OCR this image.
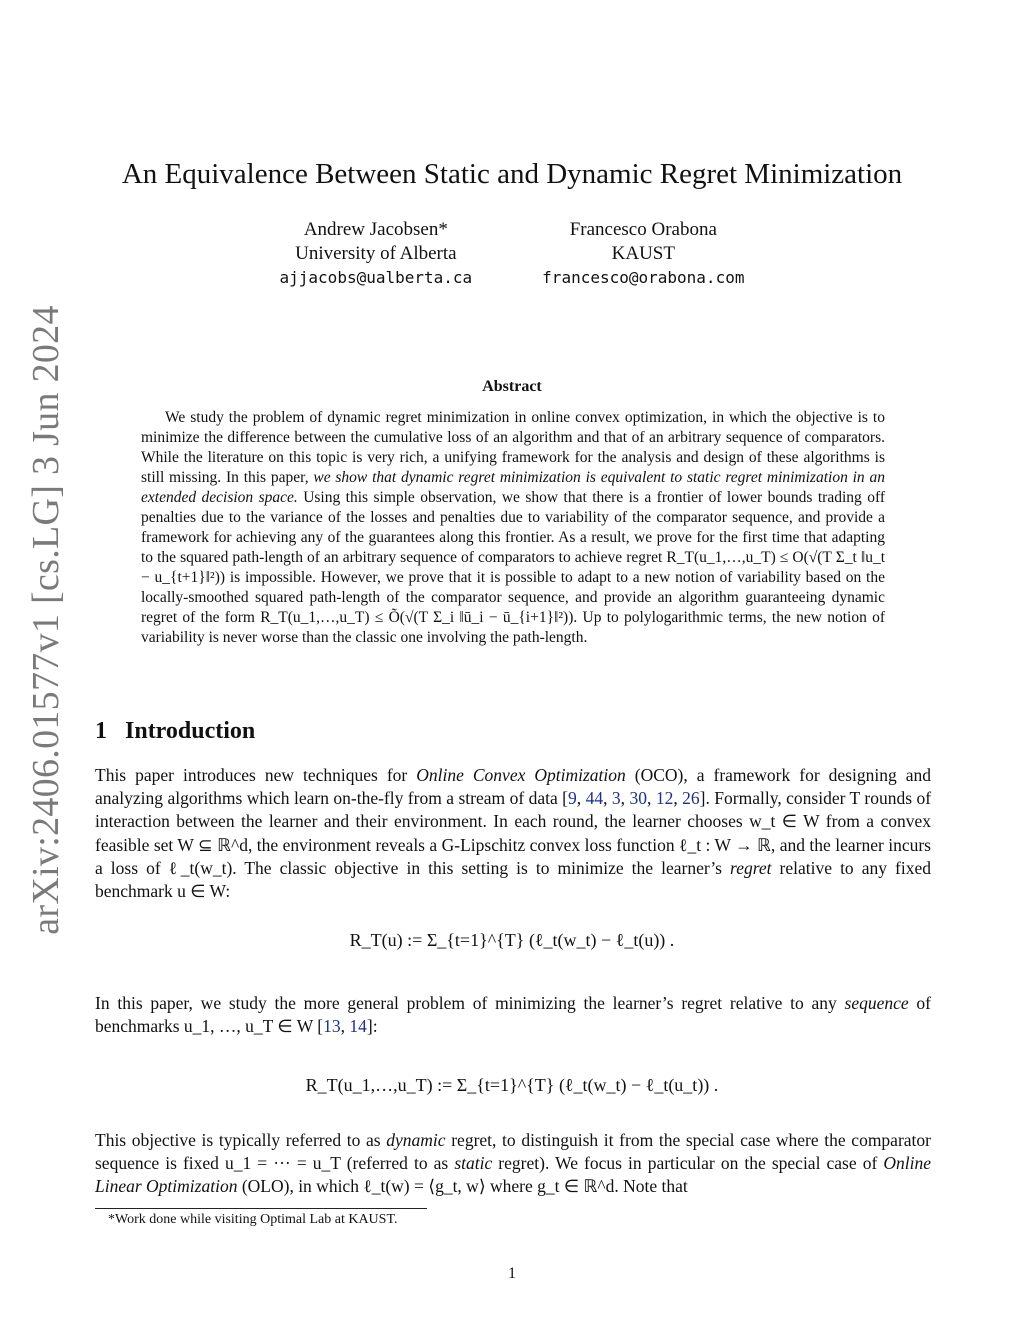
arXiv:2406.01577v1 [cs.LG] 3 Jun 2024
An Equivalence Between Static and Dynamic Regret Minimization
Andrew Jacobsen*
University of Alberta
ajjacobs@ualberta.ca
Francesco Orabona
KAUST
francesco@orabona.com
Abstract

We study the problem of dynamic regret minimization in online convex optimization, in which the objective is to minimize the difference between the cumulative loss of an algorithm and that of an arbitrary sequence of comparators. While the literature on this topic is very rich, a unifying framework for the analysis and design of these algorithms is still missing. In this paper, we show that dynamic regret minimization is equivalent to static regret minimization in an extended decision space. Using this simple observation, we show that there is a frontier of lower bounds trading off penalties due to the variance of the losses and penalties due to variability of the comparator sequence, and provide a framework for achieving any of the guarantees along this frontier. As a result, we prove for the first time that adapting to the squared path-length of an arbitrary sequence of comparators to achieve regret R_T(u_1,…,u_T) ≤ O(√(T Σ_t ‖u_t − u_{t+1}‖²)) is impossible. However, we prove that it is possible to adapt to a new notion of variability based on the locally-smoothed squared path-length of the comparator sequence, and provide an algorithm guaranteeing dynamic regret of the form R_T(u_1,…,u_T) ≤ Õ(√(T Σ_i ‖ū_i − ū_{i+1}‖²)). Up to polylogarithmic terms, the new notion of variability is never worse than the classic one involving the path-length.

1 Introduction

This paper introduces new techniques for Online Convex Optimization (OCO), a framework for designing and analyzing algorithms which learn on-the-fly from a stream of data [9, 44, 3, 30, 12, 26]. Formally, consider T rounds of interaction between the learner and their environment. In each round, the learner chooses w_t ∈ W from a convex feasible set W ⊆ ℝ^d, the environment reveals a G-Lipschitz convex loss function ℓ_t : W → ℝ, and the learner incurs a loss of ℓ_t(w_t). The classic objective in this setting is to minimize the learner’s regret relative to any fixed benchmark u ∈ W:

R_T(u) := Σ_{t=1}^{T} (ℓ_t(w_t) − ℓ_t(u)) .

In this paper, we study the more general problem of minimizing the learner’s regret relative to any sequence of benchmarks u_1, …, u_T ∈ W [13, 14]:

R_T(u_1,…,u_T) := Σ_{t=1}^{T} (ℓ_t(w_t) − ℓ_t(u_t)) .

This objective is typically referred to as dynamic regret, to distinguish it from the special case where the comparator sequence is fixed u_1 = ··· = u_T (referred to as static regret). We focus in particular on the special case of Online Linear Optimization (OLO), in which ℓ_t(w) = ⟨g_t, w⟩ where g_t ∈ ℝ^d. Note that

*Work done while visiting Optimal Lab at KAUST.
1
